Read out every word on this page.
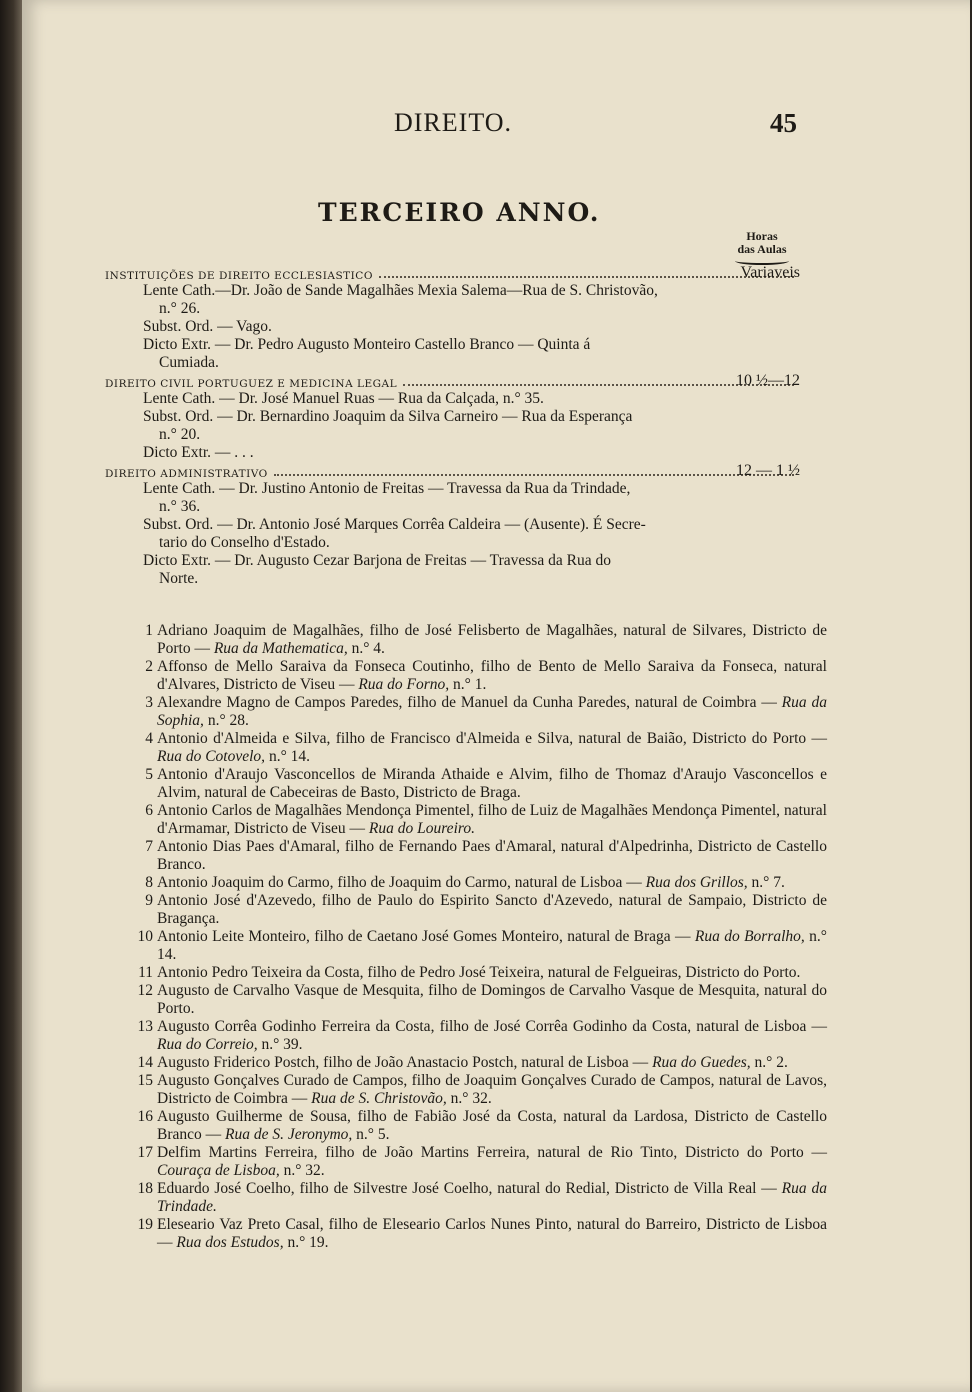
DIREITO.	45
TERCEIRO ANNO.
Horas
das Aulas
INSTITUIÇÕES DE DIREITO ECCLESIASTICO	Variaveis

Lente Cath.—Dr. João de Sande Magalhães Mexia Salema—Rua de S. Christovão,

n.° 26.

Subst. Ord. — Vago.

Dicto Extr. — Dr. Pedro Augusto Monteiro Castello Branco — Quinta á

Cumiada.

DIREITO CIVIL PORTUGUEZ E MEDICINA LEGAL	10 ½—12

Lente Cath. — Dr. José Manuel Ruas — Rua da Calçada, n.° 35.

Subst. Ord. — Dr. Bernardino Joaquim da Silva Carneiro — Rua da Esperança

n.° 20.

Dicto Extr. — . . .

DIREITO ADMINISTRATIVO	12 — 1 ½

Lente Cath. — Dr. Justino Antonio de Freitas — Travessa da Rua da Trindade,

n.° 36.

Subst. Ord. — Dr. Antonio José Marques Corrêa Caldeira — (Ausente). É Secre-

tario do Conselho d'Estado.

Dicto Extr. — Dr. Augusto Cezar Barjona de Freitas — Travessa da Rua do

Norte.

1 Adriano Joaquim de Magalhães, filho de José Felisberto de Magalhães, natural de Silvares, Districto de Porto — Rua da Mathematica, n.° 4.
2 Affonso de Mello Saraiva da Fonseca Coutinho, filho de Bento de Mello Saraiva da Fonseca, natural d'Alvares, Districto de Viseu — Rua do Forno, n.° 1.
3 Alexandre Magno de Campos Paredes, filho de Manuel da Cunha Paredes, natural de Coimbra — Rua da Sophia, n.° 28.
4 Antonio d'Almeida e Silva, filho de Francisco d'Almeida e Silva, natural de Baião, Districto do Porto — Rua do Cotovelo, n.° 14.
5 Antonio d'Araujo Vasconcellos de Miranda Athaide e Alvim, filho de Thomaz d'Araujo Vasconcellos e Alvim, natural de Cabeceiras de Basto, Districto de Braga.
6 Antonio Carlos de Magalhães Mendonça Pimentel, filho de Luiz de Magalhães Mendonça Pimentel, natural d'Armamar, Districto de Viseu — Rua do Loureiro.
7 Antonio Dias Paes d'Amaral, filho de Fernando Paes d'Amaral, natural d'Alpedrinha, Districto de Castello Branco.
8 Antonio Joaquim do Carmo, filho de Joaquim do Carmo, natural de Lisboa — Rua dos Grillos, n.° 7.
9 Antonio José d'Azevedo, filho de Paulo do Espirito Sancto d'Azevedo, natural de Sampaio, Districto de Bragança.
10 Antonio Leite Monteiro, filho de Caetano José Gomes Monteiro, natural de Braga — Rua do Borralho, n.° 14.
11 Antonio Pedro Teixeira da Costa, filho de Pedro José Teixeira, natural de Felgueiras, Districto do Porto.
12 Augusto de Carvalho Vasque de Mesquita, filho de Domingos de Carvalho Vasque de Mesquita, natural do Porto.
13 Augusto Corrêa Godinho Ferreira da Costa, filho de José Corrêa Godinho da Costa, natural de Lisboa — Rua do Correio, n.° 39.
14 Augusto Friderico Postch, filho de João Anastacio Postch, natural de Lisboa — Rua do Guedes, n.° 2.
15 Augusto Gonçalves Curado de Campos, filho de Joaquim Gonçalves Curado de Campos, natural de Lavos, Districto de Coimbra — Rua de S. Christovão, n.° 32.
16 Augusto Guilherme de Sousa, filho de Fabião José da Costa, natural da Lardosa, Districto de Castello Branco — Rua de S. Jeronymo, n.° 5.
17 Delfim Martins Ferreira, filho de João Martins Ferreira, natural de Rio Tinto, Districto do Porto — Couraça de Lisboa, n.° 32.
18 Eduardo José Coelho, filho de Silvestre José Coelho, natural do Redial, Districto de Villa Real — Rua da Trindade.
19 Elesear​io Vaz Preto Casal, filho de Elesear​io Carlos Nunes Pinto, natural do Barreiro, Districto de Lisboa — Rua dos Estudos, n.° 19.
